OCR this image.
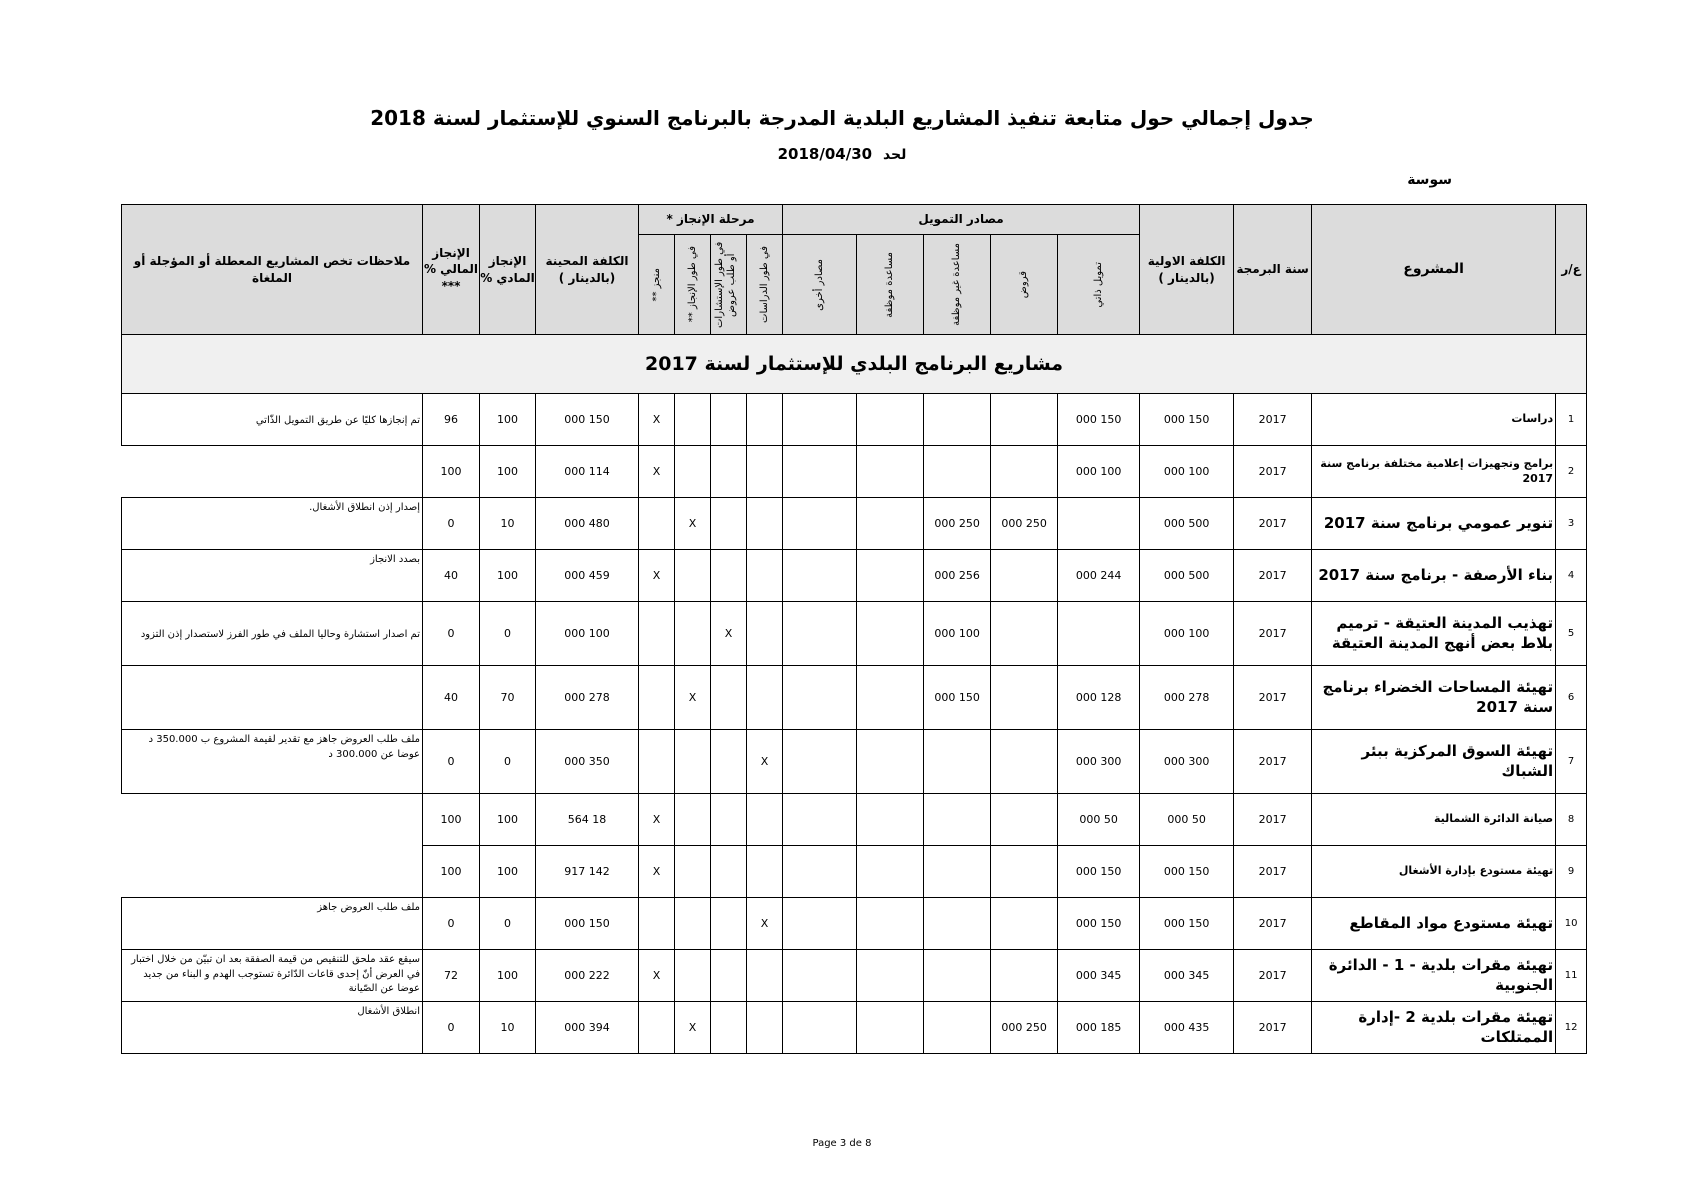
جدول إجمالي حول متابعة تنفيذ المشاريع البلدية المدرجة بالبرنامج السنوي للإستثمار لسنة 2018
لحد 2018/04/30
سوسة
ع/ر	المشروع	سنة البرمجة	الكلفة الاولية (بالدينار )	مصادر التمويل					مرحلة الإنجاز *				الكلفة المحينة (بالدينار )	الإنجاز المادي %	الإنجاز المالي % ***	ملاحظات تخص المشاريع المعطلة أو المؤجلة أو الملغاة

				تمويل ذاتي	قروض	مساعدة غير موظفة	مساعدة موظفة	مصادر أخرى	في طور الدراسات	في طور الإستشارات أو طلب عروض	في طور الإنجاز **	منجز **				

مشاريع البرنامج البلدي للإستثمار لسنة 2017																
1	دراسات	2017	150 000	150 000								X	150 000	100	96	تم إنجازها كليًا عن طريق التمويل الذّاتي
2	برامج وتجهيزات إعلامية مختلفة برنامج سنة 2017	2017	100 000	100 000								X	114 000	100	100	
3	تنوير عمومي برنامج سنة 2017	2017	500 000		250 000	250 000					X		480 000	10	0	إصدار إذن انطلاق الأشغال.
4	بناء الأرصفة - برنامج سنة 2017	2017	500 000	244 000		256 000						X	459 000	100	40	بصدد الانجاز
5	تهذيب المدينة العتيقة - ترميم بلاط بعض أنهج المدينة العتيقة	2017	100 000			100 000				X			100 000	0	0	تم اصدار استشارة وحاليا الملف في طور الفرز لاستصدار إذن التزود
6	تهيئة المساحات الخضراء برنامج سنة 2017	2017	278 000	128 000		150 000					X		278 000	70	40	
7	تهيئة السوق المركزية ببئر الشباك	2017	300 000	300 000					X				350 000	0	0	ملف طلب العروض جاهز مع تقدير لقيمة المشروع ب 350.000 د عوضا عن 300.000 د
8	صيانة الدائرة الشمالية	2017	50 000	50 000								X	18 564	100	100	
9	تهيئة مستودع بإدارة الأشغال	2017	150 000	150 000								X	142 917	100	100	
10	تهيئة مستودع مواد المقاطع	2017	150 000	150 000					X				150 000	0	0	ملف طلب العروض جاهز
11	تهيئة مقرات بلدية - 1 - الدائرة الجنوبية	2017	345 000	345 000								X	222 000	100	72	سيقع عقد ملحق للتنقيص من قيمة الصفقة بعد ان تبيّن من خلال اختبار في العرض أنّ إحدى قاعات الدّائرة تستوجب الهدم و البناء من جديد عوضا عن الصّيانة
12	تهيئة مقرات بلدية 2 -إدارة الممتلكات	2017	435 000	185 000	250 000						X		394 000	10	0	انطلاق الأشغال
Page 3 de 8
